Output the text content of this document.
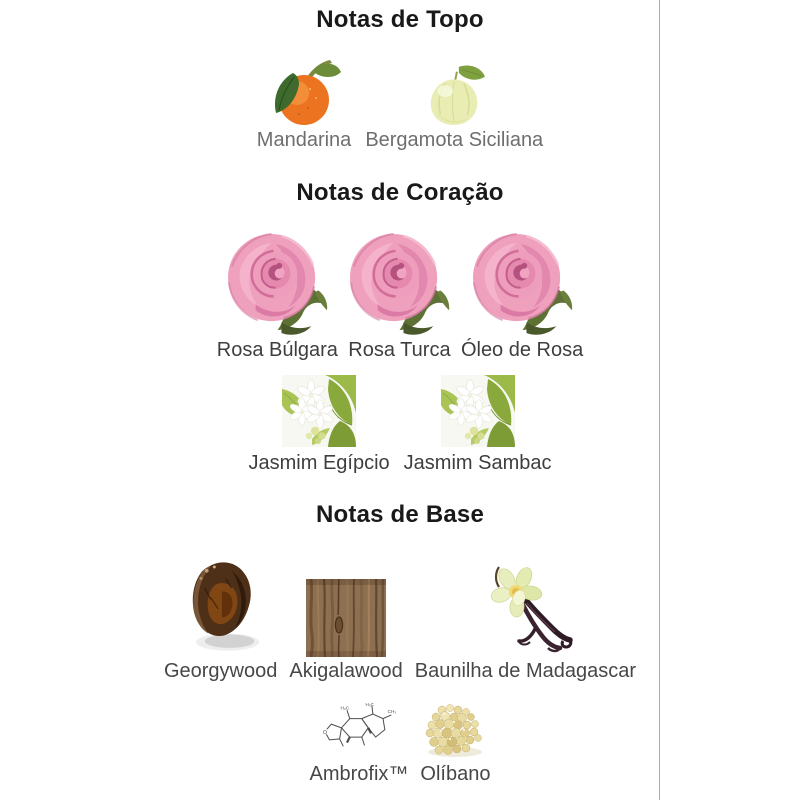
Notas de Topo
Mandarina Bergamota Siciliana
Notas de Coração
Rosa Búlgara Rosa Turca Óleo de Rosa
Jasmim Egípcio Jasmim Sambac
Notas de Base
Georgywood Akigalawood Baunilha de Madagascar
Ambrofix™ Olíbano
